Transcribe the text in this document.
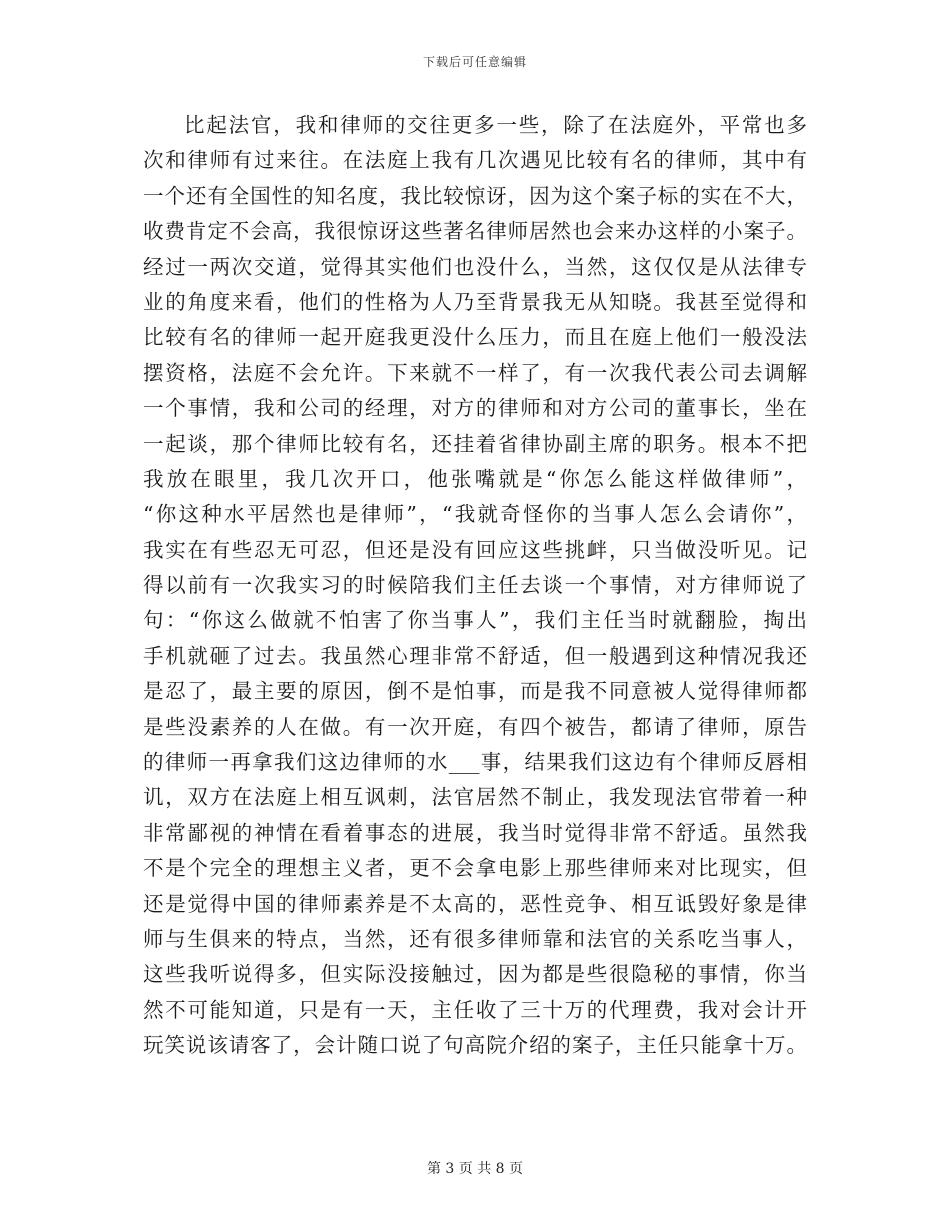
下载后可任意编辑
比起法官，我和律师的交往更多一些，除了在法庭外，平常也多
次和律师有过来往。在法庭上我有几次遇见比较有名的律师，其中有
一个还有全国性的知名度，我比较惊讶，因为这个案子标的实在不大，
收费肯定不会高，我很惊讶这些著名律师居然也会来办这样的小案子。
经过一两次交道，觉得其实他们也没什么，当然，这仅仅是从法律专
业的角度来看，他们的性格为人乃至背景我无从知晓。我甚至觉得和
比较有名的律师一起开庭我更没什么压力，而且在庭上他们一般没法
摆资格，法庭不会允许。下来就不一样了，有一次我代表公司去调解
一个事情，我和公司的经理，对方的律师和对方公司的董事长，坐在
一起谈，那个律师比较有名，还挂着省律协副主席的职务。根本不把
我放在眼里，我几次开口，他张嘴就是“你怎么能这样做律师”，
“你这种水平居然也是律师”，“我就奇怪你的当事人怎么会请你”，
我实在有些忍无可忍，但还是没有回应这些挑衅，只当做没听见。记
得以前有一次我实习的时候陪我们主任去谈一个事情，对方律师说了
句：“你这么做就不怕害了你当事人”，我们主任当时就翻脸，掏出
手机就砸了过去。我虽然心理非常不舒适，但一般遇到这种情况我还
是忍了，最主要的原因，倒不是怕事，而是我不同意被人觉得律师都
是些没素养的人在做。有一次开庭，有四个被告，都请了律师，原告
的律师一再拿我们这边律师的水___事，结果我们这边有个律师反唇相
讥，双方在法庭上相互讽刺，法官居然不制止，我发现法官带着一种
非常鄙视的神情在看着事态的进展，我当时觉得非常不舒适。虽然我
不是个完全的理想主义者，更不会拿电影上那些律师来对比现实，但
还是觉得中国的律师素养是不太高的，恶性竞争、相互诋毁好象是律
师与生俱来的特点，当然，还有很多律师靠和法官的关系吃当事人，
这些我听说得多，但实际没接触过，因为都是些很隐秘的事情，你当
然不可能知道，只是有一天，主任收了三十万的代理费，我对会计开
玩笑说该请客了，会计随口说了句高院介绍的案子，主任只能拿十万。
第 3 页 共 8 页
